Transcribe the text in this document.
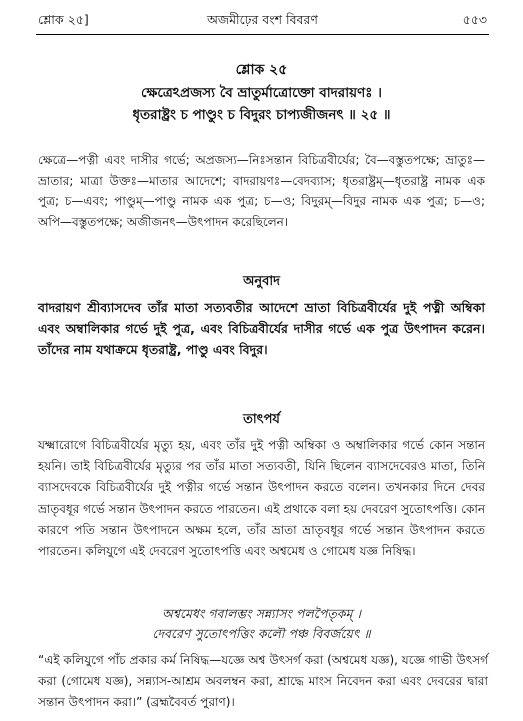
শ্লোক ২৫]	অজমীঢ়ের বংশ বিবরণ	৫৫৩
শ্লোক ২৫
ক্ষেত্রেঽপ্রজস্য বৈ ভ্রাতুর্মাত্রোক্তো বাদরায়ণঃ ।
ধৃতরাষ্ট্রং চ পাণ্ডুং চ বিদুরং চাপ্যজীজনৎ ॥ ২৫ ॥
ক্ষেত্রে—পত্নী এবং দাসীর গর্ভে; অপ্রজস্য—নিঃসন্তান বিচিত্রবীর্যের; বৈ—বস্তুতপক্ষে; ভ্রাতুঃ—ভ্রাতার; মাত্রা উক্তঃ—মাতার আদেশে; বাদরায়ণঃ—বেদব্যাস; ধৃতরাষ্ট্রম্—ধৃতরাষ্ট্র নামক এক পুত্র; চ—এবং; পাণ্ডুম্—পাণ্ডু নামক এক পুত্র; চ—ও; বিদুরম্—বিদুর নামক এক পুত্র; চ—ও; অপি—বস্তুতপক্ষে; অজীজনৎ—উৎপাদন করেছিলেন।
অনুবাদ
বাদরায়ণ শ্রীব্যাসদেব তাঁর মাতা সত্যবতীর আদেশে ভ্রাতা বিচিত্রবীর্যের দুই পত্নী অম্বিকা এবং অম্বালিকার গর্ভে দুই পুত্র, এবং বিচিত্রবীর্যের দাসীর গর্ভে এক পুত্র উৎপাদন করেন। তাঁদের নাম যথাক্রমে ধৃতরাষ্ট্র, পাণ্ডু এবং বিদুর।
তাৎপর্য
যক্ষ্মারোগে বিচিত্রবীর্যের মৃত্যু হয়, এবং তাঁর দুই পত্নী অম্বিকা ও অম্বালিকার গর্ভে কোন সন্তান হয়নি। তাই বিচিত্রবীর্যের মৃত্যুর পর তাঁর মাতা সত্যবতী, যিনি ছিলেন ব্যাসদেবেরও মাতা, তিনি ব্যাসদেবকে বিচিত্রবীর্যের দুই পত্নীর গর্ভে সন্তান উৎপাদন করতে বলেন। তখনকার দিনে দেবর ভ্রাতৃবধূর গর্ভে সন্তান উৎপাদন করতে পারতেন। এই প্রথাকে বলা হয় দেবরেণ সুতোৎপত্তি। কোন কারণে পতি সন্তান উৎপাদনে অক্ষম হলে, তাঁর ভ্রাতা ভ্রাতৃবধূর গর্ভে সন্তান উৎপাদন করতে পারতেন। কলিযুগে এই দেবরেণ সুতোৎপত্তি এবং অশ্বমেধ ও গোমেধ যজ্ঞ নিষিদ্ধ।
অশ্বমেধং গবালম্ভং সন্ন্যাসং পলপৈতৃকম্ ।
দেবরেণ সুতোৎপত্তিং কলৌ পঞ্চ বিবর্জয়েৎ ॥
“এই কলিযুগে পাঁচ প্রকার কর্ম নিষিদ্ধ—যজ্ঞে অশ্ব উৎসর্গ করা (অশ্বমেধ যজ্ঞ), যজ্ঞে গাভী উৎসর্গ করা (গোমেধ যজ্ঞ), সন্ন্যাস-আশ্রম অবলম্বন করা, শ্রাদ্ধে মাংস নিবেদন করা এবং দেবরের দ্বারা সন্তান উৎপাদন করা।” (ব্রহ্মবৈবর্ত পুরাণ)।
